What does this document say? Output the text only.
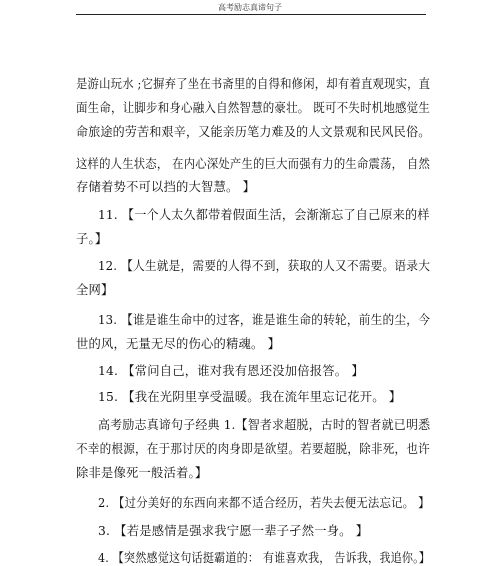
高考励志真谛句子
是游山玩水 ;它摒弃了坐在书斋里的自得和修闲，却有着直观现实，直
面生命，让脚步和身心融入自然智慧的豪壮。 既可不失时机地感觉生
命旅途的劳苦和艰辛，又能亲历笔力难及的人文景观和民风民俗。
这样的人生状态， 在内心深处产生的巨大而强有力的生命震荡， 自然
存储着势不可以挡的大智慧。 】
11. 【一个人太久都带着假面生活，会渐渐忘了自己原来的样
子。】
12. 【人生就是，需要的人得不到，获取的人又不需要。语录大
全网】
13. 【谁是谁生命中的过客，谁是谁生命的转轮，前生的尘，今
世的风，无量无尽的伤心的精魂。 】
14. 【常问自己，谁对我有恩还没加倍报答。 】
15. 【我在光阴里享受温暖。我在流年里忘记花开。 】
高考励志真谛句子经典 1.【智者求超脱，古时的智者就已明悉
不幸的根源，在于那讨厌的肉身即是欲望。若要超脱，除非死，也许
除非是像死一般活着。】
2. 【过分美好的东西向来都不适合经历，若失去便无法忘记。 】
3. 【若是感情是强求我宁愿一辈子孑然一身。 】
4. 【突然感觉这句话挺霸道的： 有谁喜欢我， 告诉我，我追你。】
